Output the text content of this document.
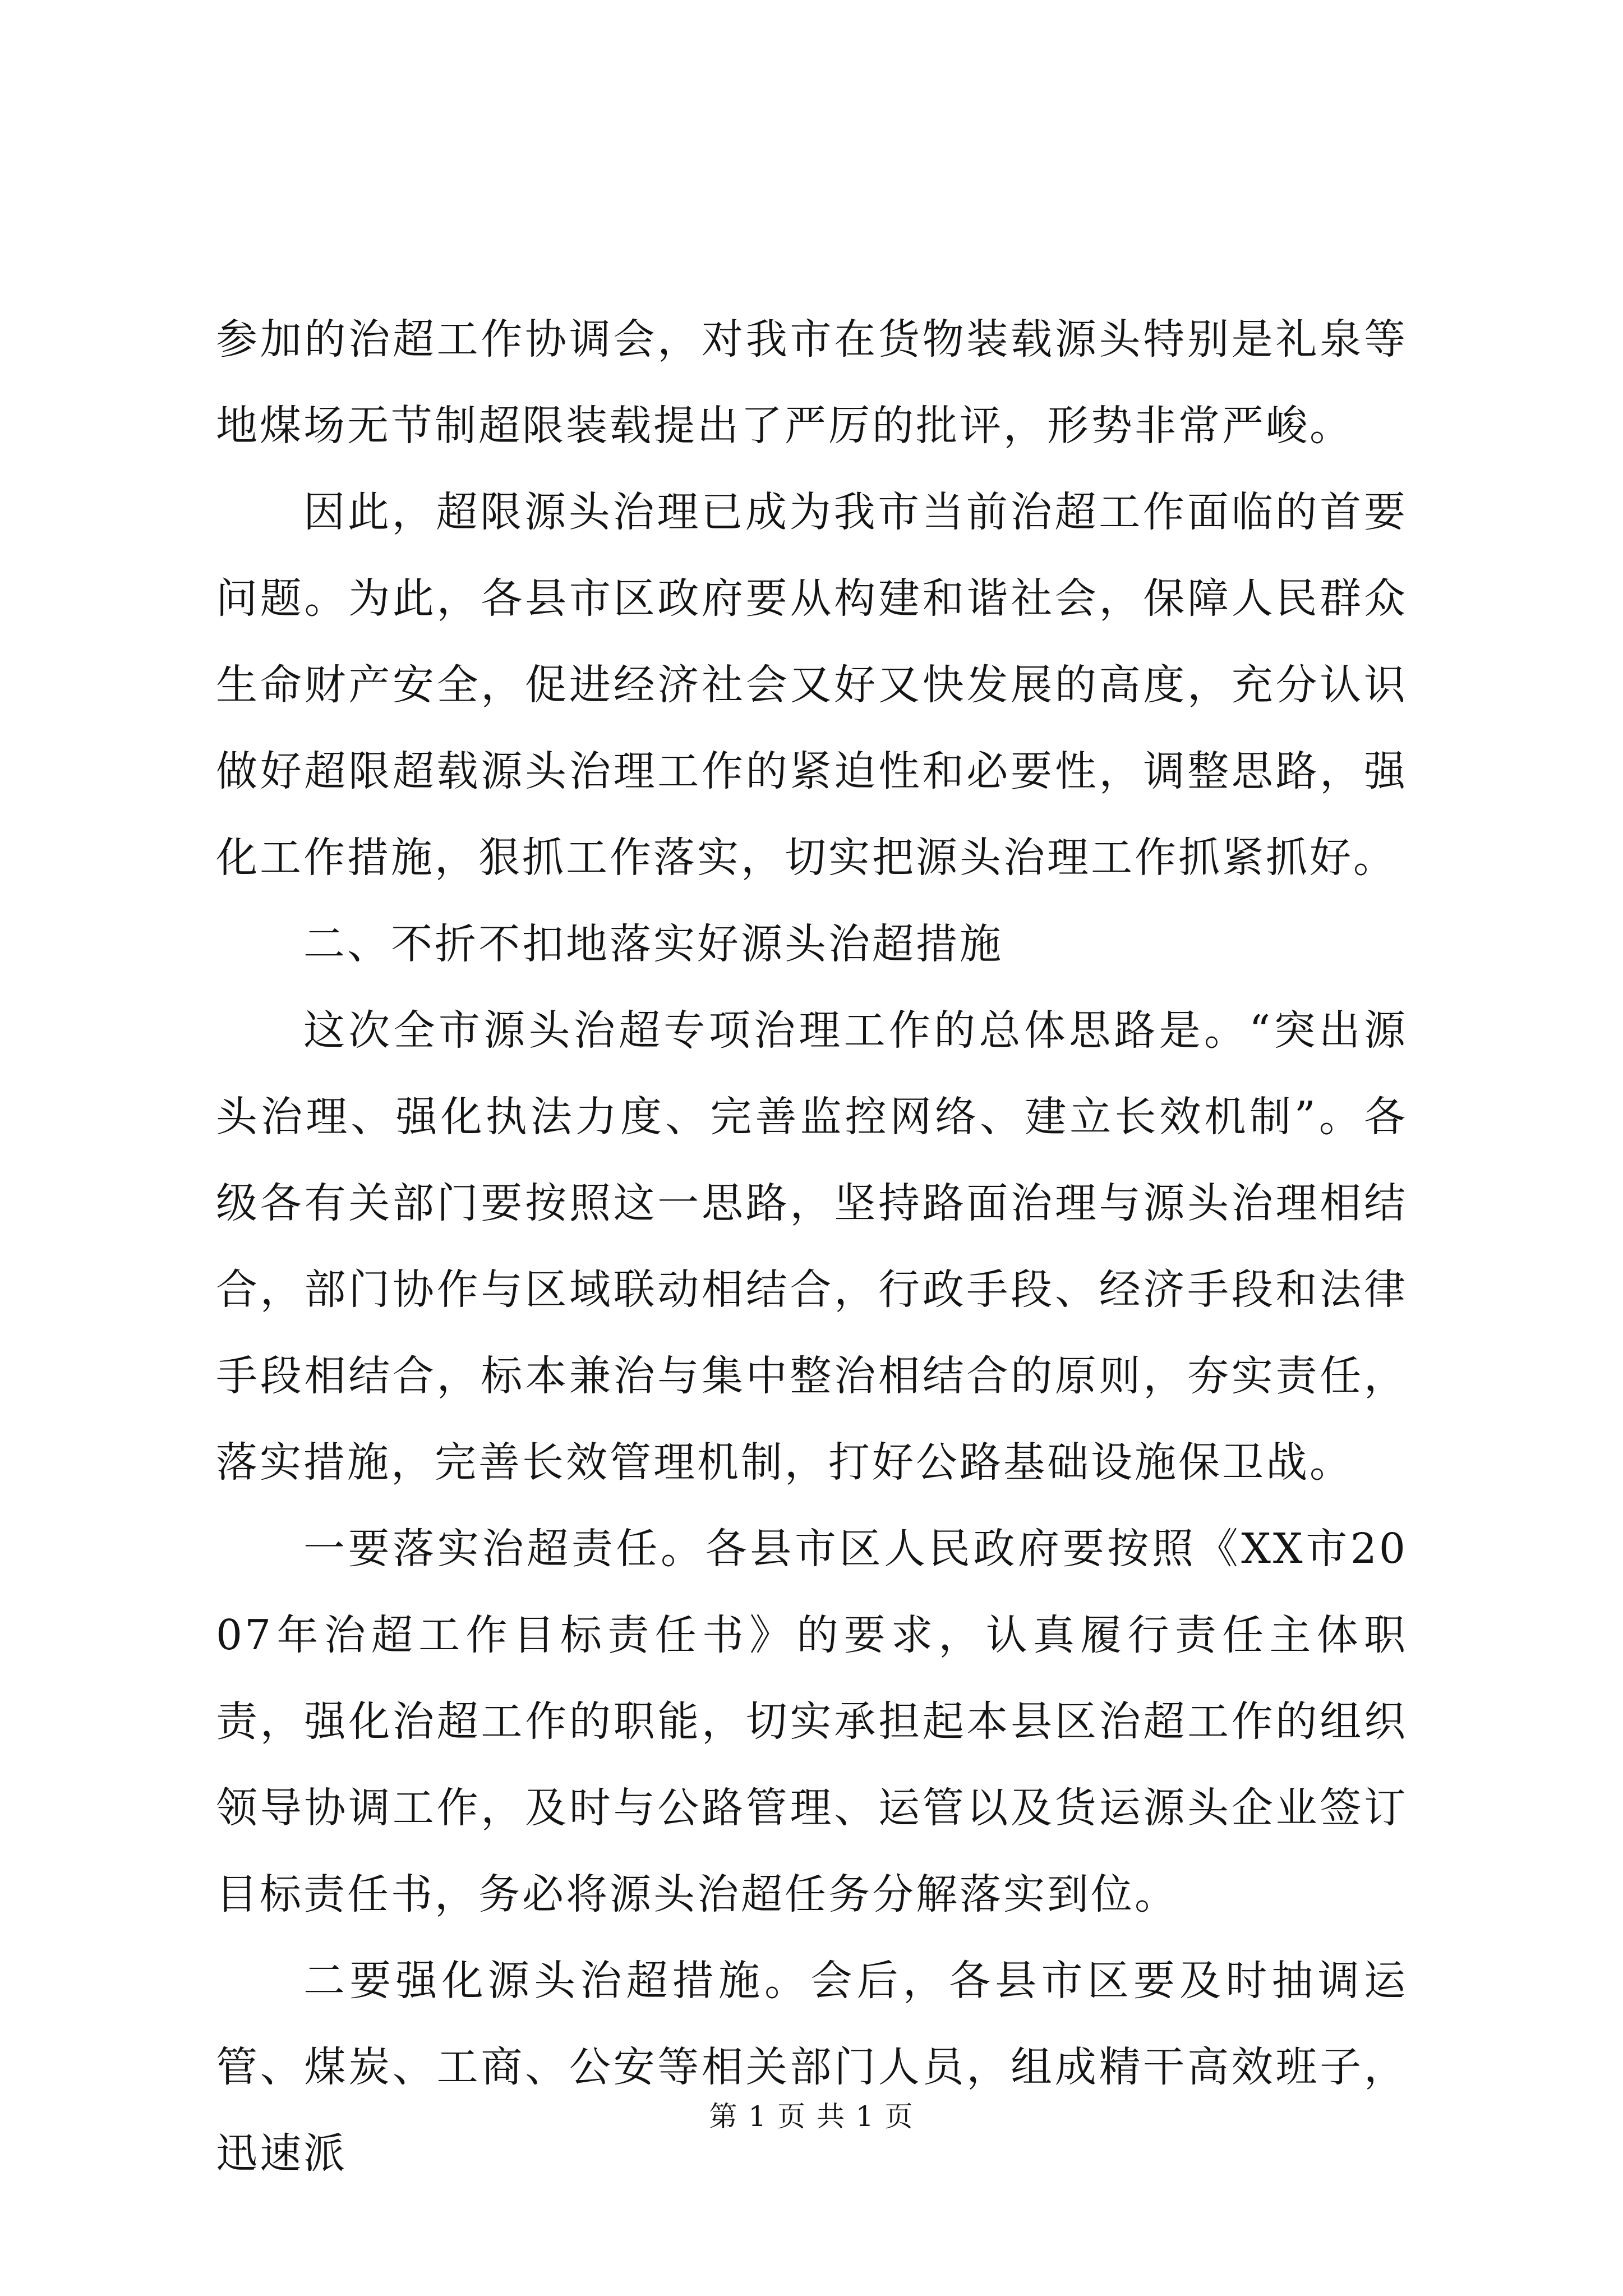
参加的治超工作协调会，对我市在货物装载源头特别是礼泉等地煤场无节制超限装载提出了严厉的批评，形势非常严峻。

因此，超限源头治理已成为我市当前治超工作面临的首要问题。为此，各县市区政府要从构建和谐社会，保障人民群众生命财产安全，促进经济社会又好又快发展的高度，充分认识做好超限超载源头治理工作的紧迫性和必要性，调整思路，强化工作措施，狠抓工作落实，切实把源头治理工作抓紧抓好。

二、不折不扣地落实好源头治超措施

这次全市源头治超专项治理工作的总体思路是。“突出源头治理、强化执法力度、完善监控网络、建立长效机制”。各级各有关部门要按照这一思路，坚持路面治理与源头治理相结合，部门协作与区域联动相结合，行政手段、经济手段和法律手段相结合，标本兼治与集中整治相结合的原则，夯实责任，落实措施，完善长效管理机制，打好公路基础设施保卫战。

一要落实治超责任。各县市区人民政府要按照《XX市2007年治超工作目标责任书》的要求，认真履行责任主体职责，强化治超工作的职能，切实承担起本县区治超工作的组织领导协调工作，及时与公路管理、运管以及货运源头企业签订目标责任书，务必将源头治超任务分解落实到位。

二要强化源头治超措施。会后，各县市区要及时抽调运管、煤炭、工商、公安等相关部门人员，组成精干高效班子，迅速派

第 1 页 共 1 页
